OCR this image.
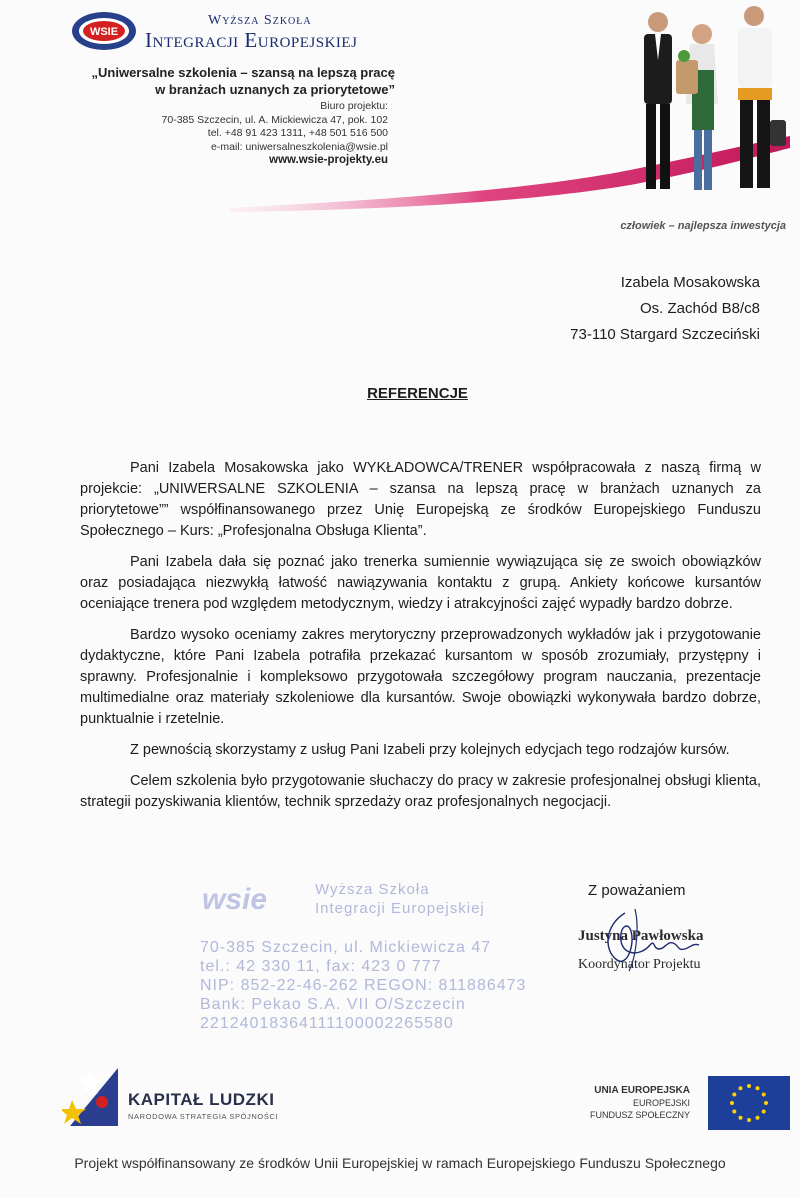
WSIE
Wyższa Szkoła
Integracji Europejskiej
„Uniwersalne szkolenia – szansą na lepszą pracę
w branżach uznanych za priorytetowe”
Biuro projektu:
70-385 Szczecin, ul. A. Mickiewicza 47, pok. 102
tel. +48 91 423 1311, +48 501 516 500
e-mail: uniwersalneszkolenia@wsie.pl
www.wsie-projekty.eu
człowiek – najlepsza inwestycja
Izabela Mosakowska
Os. Zachód B8/c8
73-110 Stargard Szczeciński
REFERENCJE

Pani Izabela Mosakowska jako WYKŁADOWCA/TRENER współpracowała z naszą firmą w projekcie: „UNIWERSALNE SZKOLENIA – szansa na lepszą pracę w branżach uznanych za priorytetowe”” współfinansowanego przez Unię Europejską ze środków Europejskiego Funduszu Społecznego – Kurs: „Profesjonalna Obsługa Klienta”.

Pani Izabela dała się poznać jako trenerka sumiennie wywiązująca się ze swoich obowiązków oraz posiadająca niezwykłą łatwość nawiązywania kontaktu z grupą. Ankiety końcowe kursantów oceniające trenera pod względem metodycznym, wiedzy i atrakcyjności zajęć wypadły bardzo dobrze.

Bardzo wysoko oceniamy zakres merytoryczny przeprowadzonych wykładów jak i przygotowanie dydaktyczne, które Pani Izabela potrafiła przekazać kursantom w sposób zrozumiały, przystępny i sprawny. Profesjonalnie i kompleksowo przygotowała szczegółowy program nauczania, prezentacje multimedialne oraz materiały szkoleniowe dla kursantów. Swoje obowiązki wykonywała bardzo dobrze, punktualnie i rzetelnie.

Z pewnością skorzystamy z usług Pani Izabeli przy kolejnych edycjach tego rodzajów kursów.

Celem szkolenia było przygotowanie słuchaczy do pracy w zakresie profesjonalnej obsługi klienta, strategii pozyskiwania klientów, technik sprzedaży oraz profesjonalnych negocjacji.

wsie	Wyższa Szkoła
Integracji Europejskiej
70-385 Szczecin, ul. Mickiewicza 47
tel.: 42 330 11, fax: 423 0 777
NIP: 852-22-46-262 REGON: 811886473
Bank: Pekao S.A. VII O/Szczecin
22124018364111100002265580
Z poważaniem
Justyna Pawłowska
Koordynator Projektu
KAPITAŁ LUDZKI
NARODOWA STRATEGIA SPÓJNOŚCI
UNIA EUROPEJSKA
EUROPEJSKI
FUNDUSZ SPOŁECZNY
Projekt współfinansowany ze środków Unii Europejskiej w ramach Europejskiego Funduszu Społecznego
